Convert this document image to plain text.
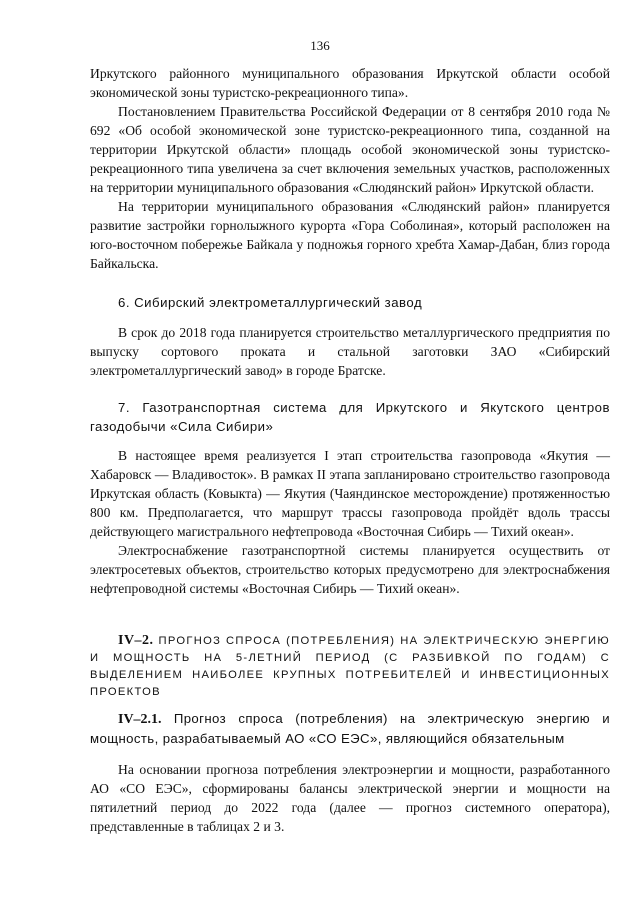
136

Иркутского районного муниципального образования Иркутской области особой экономической зоны туристско-рекреационного типа».

Постановлением Правительства Российской Федерации от 8 сентября 2010 года № 692 «Об особой экономической зоне туристско-рекреационного типа, созданной на территории Иркутской области» площадь особой экономической зоны туристско-рекреационного типа увеличена за счет включения земельных участков, расположенных на территории муниципального образования «Слюдянский район» Иркутской области.

На территории муниципального образования «Слюдянский район» планируется развитие застройки горнолыжного курорта «Гора Соболиная», который расположен на юго-восточном побережье Байкала у подножья горного хребта Хамар-Дабан, близ города Байкальска.

6. Сибирский электрометаллургический завод

В срок до 2018 года планируется строительство металлургического предприятия по выпуску сортового проката и стальной заготовки ЗАО «Сибирский электрометаллургический завод» в городе Братске.

7. Газотранспортная система для Иркутского и Якутского центров газодобычи «Сила Сибири»

В настоящее время реализуется I этап строительства газопровода «Якутия — Хабаровск — Владивосток». В рамках II этапа запланировано строительство газопровода Иркутская область (Ковыкта) — Якутия (Чаяндинское месторождение) протяженностью 800 км. Предполагается, что маршрут трассы газопровода пройдёт вдоль трассы действующего магистрального нефтепровода «Восточная Сибирь — Тихий океан».

Электроснабжение газотранспортной системы планируется осуществить от электросетевых объектов, строительство которых предусмотрено для электроснабжения нефтепроводной системы «Восточная Сибирь — Тихий океан».

IV–2. ПРОГНОЗ СПРОСА (ПОТРЕБЛЕНИЯ) НА ЭЛЕКТРИЧЕСКУЮ ЭНЕРГИЮ И МОЩНОСТЬ НА 5-ЛЕТНИЙ ПЕРИОД (С РАЗБИВКОЙ ПО ГОДАМ) С ВЫДЕЛЕНИЕМ НАИБОЛЕЕ КРУПНЫХ ПОТРЕБИТЕЛЕЙ И ИНВЕСТИЦИОННЫХ ПРОЕКТОВ

IV–2.1. Прогноз спроса (потребления) на электрическую энергию и мощность, разрабатываемый АО «СО ЕЭС», являющийся обязательным

На основании прогноза потребления электроэнергии и мощности, разработанного АО «СО ЕЭС», сформированы балансы электрической энергии и мощности на пятилетний период до 2022 года (далее — прогноз системного оператора), представленные в таблицах 2 и 3.
